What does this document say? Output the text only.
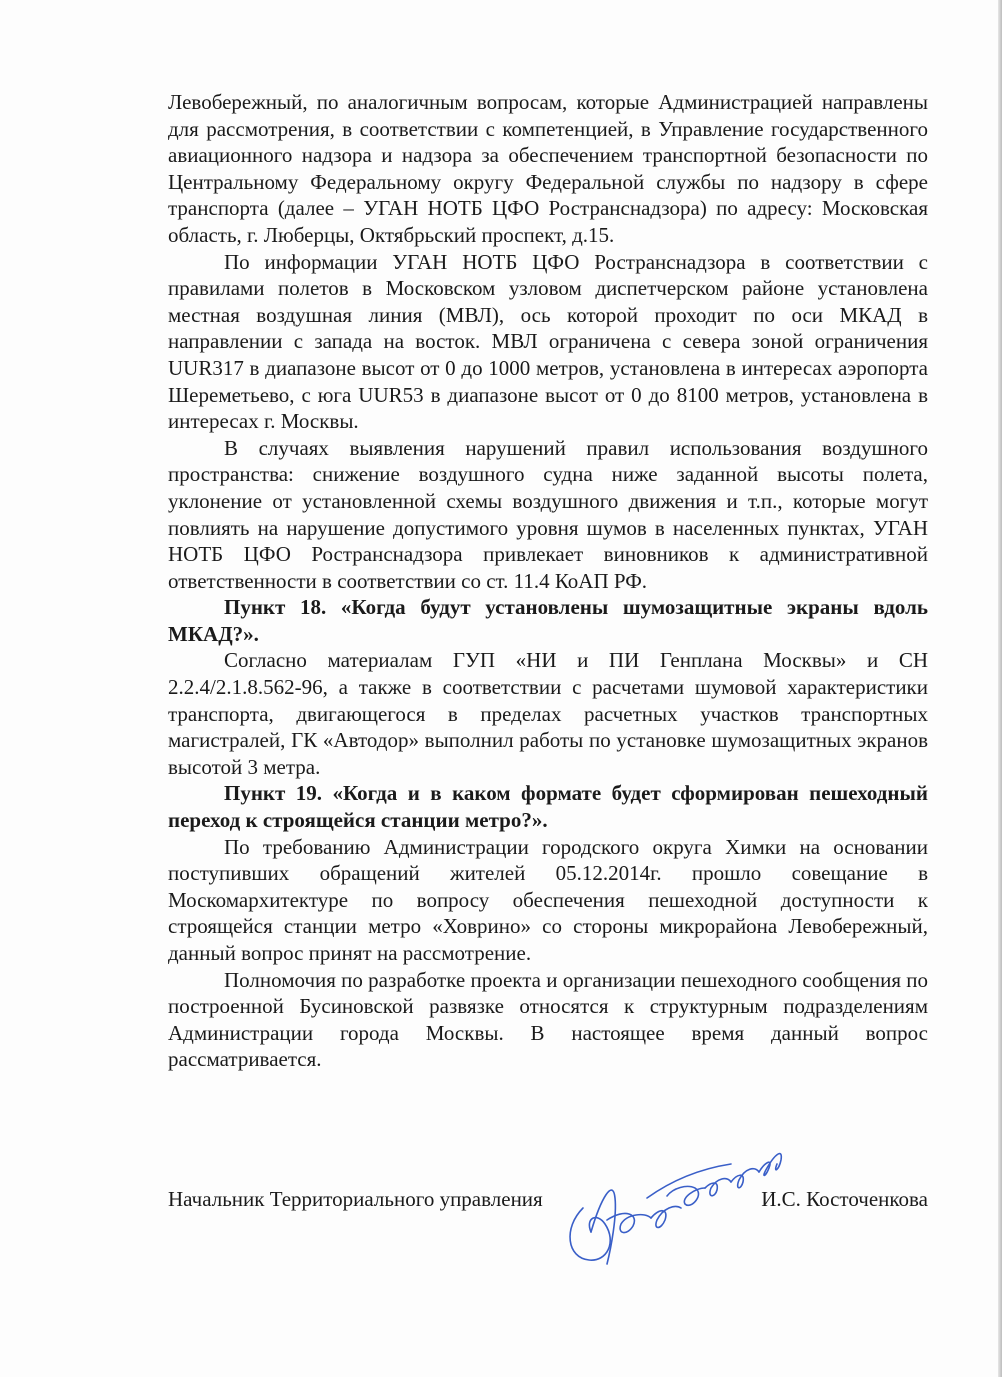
Левобережный, по аналогичным вопросам, которые Администрацией направлены для рассмотрения, в соответствии с компетенцией, в Управление государственного авиационного надзора и надзора за обеспечением транспортной безопасности по Центральному Федеральному округу Федеральной службы по надзору в сфере транспорта (далее – УГАН НОТБ ЦФО Ространснадзора) по адресу: Московская область, г. Люберцы, Октябрьский проспект, д.15.

По информации УГАН НОТБ ЦФО Ространснадзора в соответствии с правилами полетов в Московском узловом диспетчерском районе установлена местная воздушная линия (МВЛ), ось которой проходит по оси МКАД в направлении с запада на восток. МВЛ ограничена с севера зоной ограничения UUR317 в диапазоне высот от 0 до 1000 метров, установлена в интересах аэропорта Шереметьево, с юга UUR53 в диапазоне высот от 0 до 8100 метров, установлена в интересах г. Москвы.

В случаях выявления нарушений правил использования воздушного пространства: снижение воздушного судна ниже заданной высоты полета, уклонение от установленной схемы воздушного движения и т.п., которые могут повлиять на нарушение допустимого уровня шумов в населенных пунктах, УГАН НОТБ ЦФО Ространснадзора привлекает виновников к административной ответственности в соответствии со ст. 11.4 КоАП РФ.

Пункт 18. «Когда будут установлены шумозащитные экраны вдоль МКАД?».

Согласно материалам ГУП «НИ и ПИ Генплана Москвы» и СН 2.2.4/2.1.8.562-96, а также в соответствии с расчетами шумовой характеристики транспорта, двигающегося в пределах расчетных участков транспортных магистралей, ГК «Автодор» выполнил работы по установке шумозащитных экранов высотой 3 метра.

Пункт 19. «Когда и в каком формате будет сформирован пешеходный переход к строящейся станции метро?».

По требованию Администрации городского округа Химки на основании поступивших обращений жителей 05.12.2014г. прошло совещание в Москомархитектуре по вопросу обеспечения пешеходной доступности к строящейся станции метро «Ховрино» со стороны микрорайона Левобережный, данный вопрос принят на рассмотрение.

Полномочия по разработке проекта и организации пешеходного сообщения по построенной Бусиновской развязке относятся к структурным подразделениям Администрации города Москвы. В настоящее время данный вопрос рассматривается.

Начальник Территориального управления	И.С. Косточенкова
